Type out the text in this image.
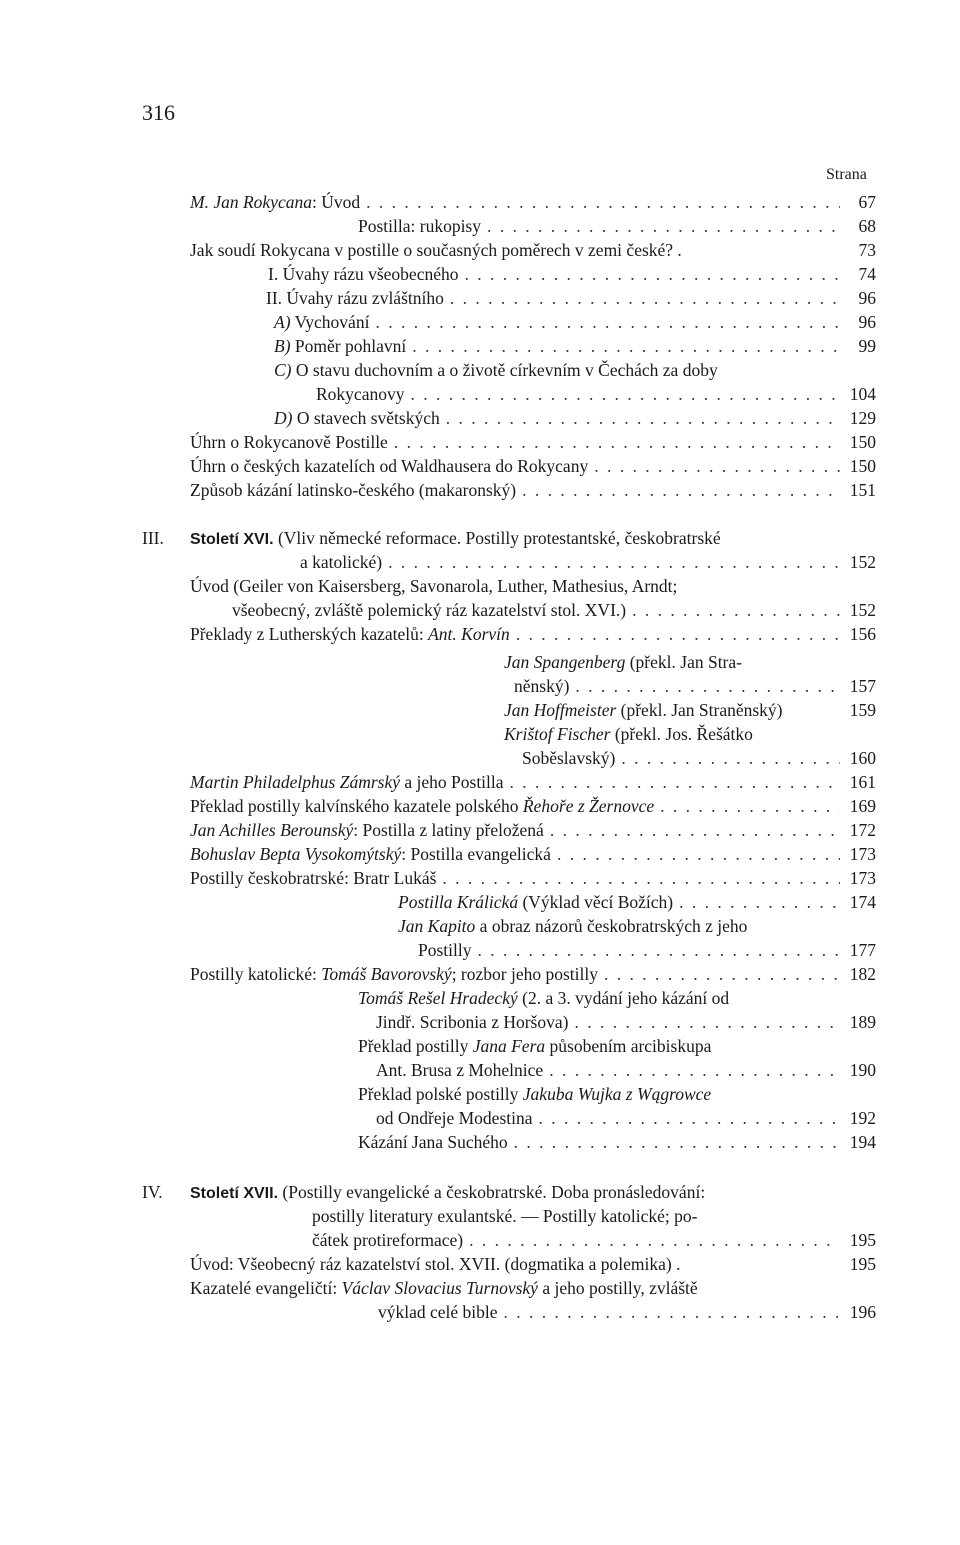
316
Strana
M. Jan Rokycana: Úvod . . .	67
Postilla: rukopisy . . .	68
Jak soudí Rokycana v postille o současných poměrech v zemi české? .	73
I. Úvahy rázu všeobecného . . .	74
II. Úvahy rázu zvláštního . . .	96
A) Vychování . . .	96
B) Poměr pohlavní . . .	99
C) O stavu duchovním a o životě církevním v Čechách za doby
Rokycanovy . . .	104
D) O stavech světských . . .	129
Úhrn o Rokycanově Postille . . .	150
Úhrn o českých kazatelích od Waldhausera do Rokycany . . .	150
Způsob kázání latinsko-českého (makaronský) . . .	151
III. Století XVI. (Vliv německé reformace. Postilly protestantské, českobratrské
a katolické) . . .	152
Úvod (Geiler von Kaisersberg, Savonarola, Luther, Mathesius, Arndt;
všeobecný, zvláště polemický ráz kazatelství stol. XVI.) . . .	152
Překlady z Lutherských kazatelů: Ant. Korvín . . .	156
Jan Spangenberg (překl. Jan Stra-
něnský) . . .	157
Jan Hoffmeister (překl. Jan Straněnský)	159
Krištof Fischer (překl. Jos. Řešátko
Soběslavský) . . .	160
Martin Philadelphus Zámrský a jeho Postilla . . .	161
Překlad postilly kalvínského kazatele polského Řehoře z Žernovce . . .	169
Jan Achilles Berounský: Postilla z latiny přeložená . . .	172
Bohuslav Bepta Vysokomýtský: Postilla evangelická . . .	173
Postilly českobratrské: Bratr Lukáš . . .	173
Postilla Králická (Výklad věcí Božích) . . .	174
Jan Kapito a obraz názorů českobratrských z jeho
Postilly . . .	177
Postilly katolické: Tomáš Bavorovský; rozbor jeho postilly . . .	182
Tomáš Rešel Hradecký (2. a 3. vydání jeho kázání od
Jindř. Scribonia z Horšova) . . .	189
Překlad postilly Jana Fera působením arcibiskupa
Ant. Brusa z Mohelnice . . .	190
Překlad polské postilly Jakuba Wujka z Wągrowce
od Ondřeje Modestina . . .	192
Kázání Jana Suchého . . .	194
IV. Století XVII. (Postilly evangelické a českobratrské. Doba pronásledování:
postilly literatury exulantské. — Postilly katolické; po-
čátek protireformace) . . .	195
Úvod: Všeobecný ráz kazatelství stol. XVII. (dogmatika a polemika) .	195
Kazatelé evangeličtí: Václav Slovacius Turnovský a jeho postilly, zvláště
výklad celé bible . . .	196
